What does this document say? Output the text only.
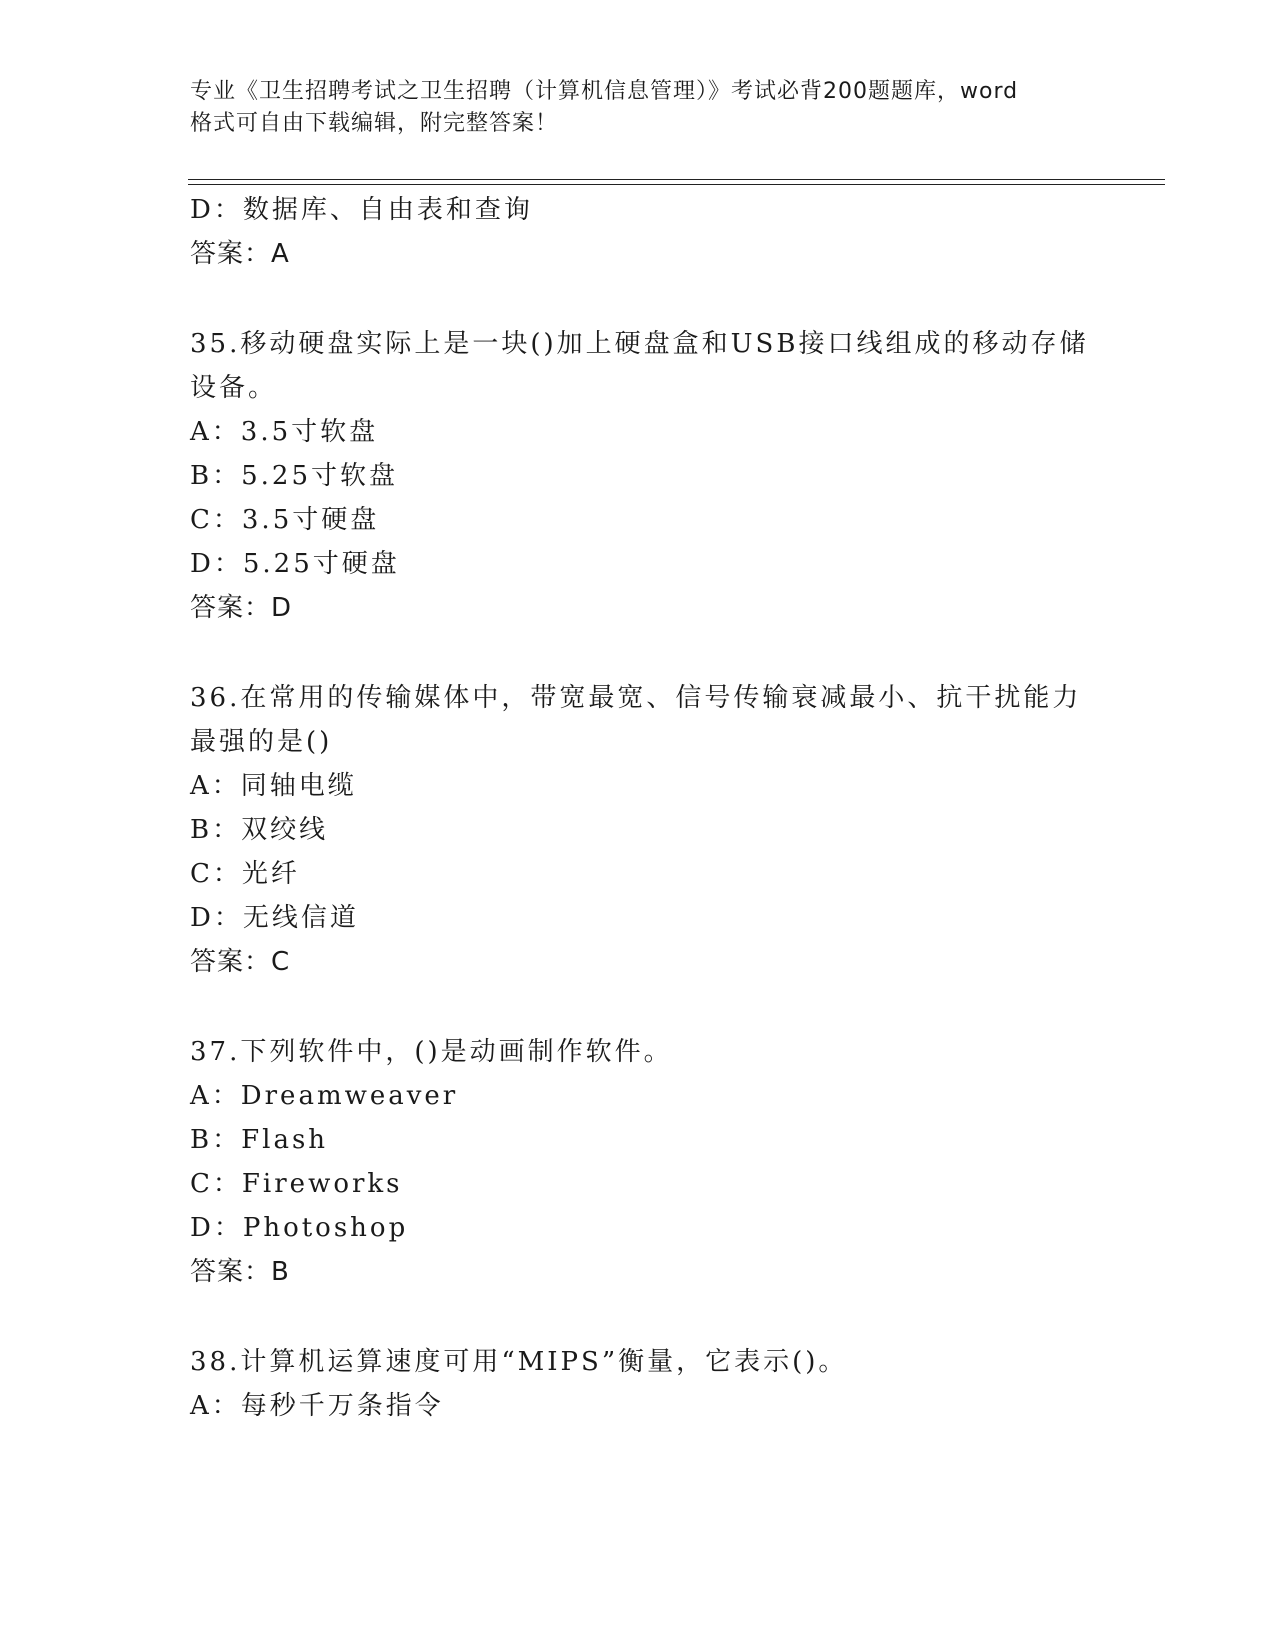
专业《卫生招聘考试之卫生招聘（计算机信息管理）》考试必背200题题库，word
格式可自由下载编辑，附完整答案！
D：数据库、自由表和查询
答案：A
35.移动硬盘实际上是一块()加上硬盘盒和USB接口线组成的移动存储
设备。
A：3.5寸软盘
B：5.25寸软盘
C：3.5寸硬盘
D：5.25寸硬盘
答案：D
36.在常用的传输媒体中，带宽最宽、信号传输衰减最小、抗干扰能力
最强的是()
A：同轴电缆
B：双绞线
C：光纤
D：无线信道
答案：C
37.下列软件中，()是动画制作软件。
A：Dreamweaver
B：Flash
C：Fireworks
D：Photoshop
答案：B
38.计算机运算速度可用“MIPS”衡量，它表示()。
A：每秒千万条指令
